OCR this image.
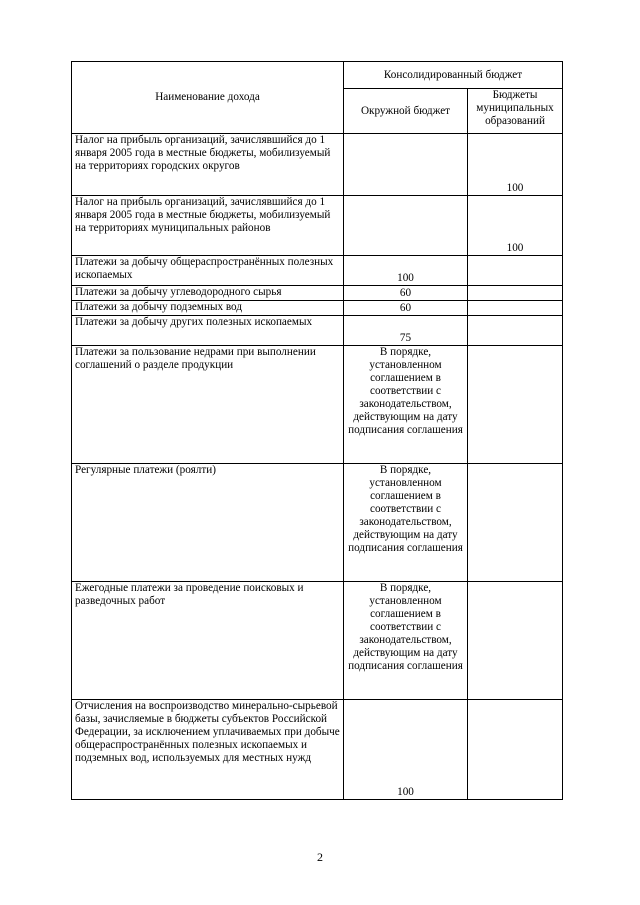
Наименование дохода	Консолидированный бюджет	
	Окружной бюджет	Бюджеты муниципальных образований
Налог на прибыль организаций, зачислявшийся до 1 января 2005 года в местные бюджеты, мобилизуемый на территориях городских округов		100
Налог на прибыль организаций, зачислявшийся до 1 января 2005 года в местные бюджеты, мобилизуемый на территориях муниципальных районов		100
Платежи за добычу общераспространённых полезных ископаемых	100	
Платежи за добычу углеводородного сырья	60	
Платежи за добычу подземных вод	60	
Платежи за добычу других полезных ископаемых	75	
Платежи за пользование недрами при выполнении соглашений о разделе продукции	В порядке, установленном соглашением в соответствии с законодательством, действующим на дату подписания соглашения	
Регулярные платежи (роялти)	В порядке, установленном соглашением в соответствии с законодательством, действующим на дату подписания соглашения	
Ежегодные платежи за проведение поисковых и разведочных работ	В порядке, установленном соглашением в соответствии с законодательством, действующим на дату подписания соглашения	
Отчисления на воспроизводство минерально-сырьевой базы, зачисляемые в бюджеты субъектов Российской Федерации, за исключением уплачиваемых при добыче общераспространённых полезных ископаемых и подземных вод, используемых для местных нужд	100	
2
